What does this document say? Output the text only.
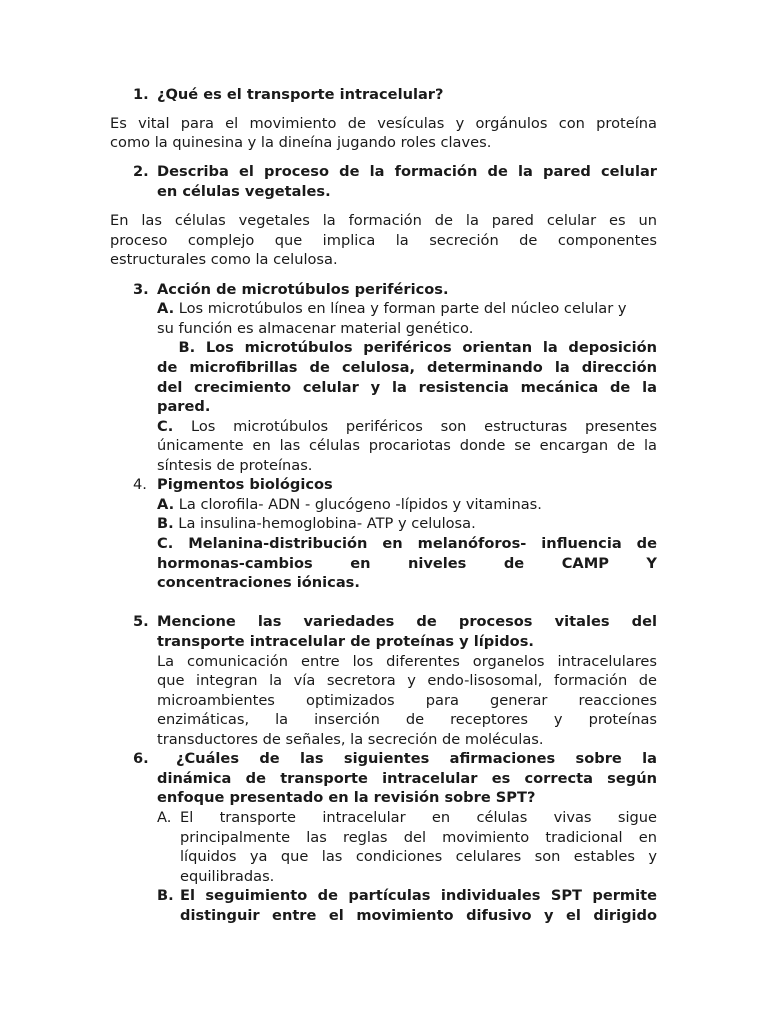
1. ¿Qué es el transporte intracelular?
Es vital para el movimiento de vesículas y orgánulos con proteína
como la quinesina y la dineína jugando roles claves.
2. Describa el proceso de la formación de la pared celular
en células vegetales.
En las células vegetales la formación de la pared celular es un
proceso complejo que implica la secreción de componentes
estructurales como la celulosa.
3. Acción de microtúbulos periféricos.
A. Los microtúbulos en línea y forman parte del núcleo celular y
su función es almacenar material genético.
B. Los microtúbulos periféricos orientan la deposición
de microfibrillas de celulosa, determinando la dirección
del crecimiento celular y la resistencia mecánica de la
pared.
C. Los microtúbulos periféricos son estructuras presentes
únicamente en las células procariotas donde se encargan de la
síntesis de proteínas.
4. Pigmentos biológicos
A. La clorofila- ADN - glucógeno -lípidos y vitaminas.
B. La insulina-hemoglobina- ATP y celulosa.
C. Melanina-distribución en melanóforos- influencia de
hormonas-cambios en niveles de CAMP Y
concentraciones iónicas.
5. Mencione las variedades de procesos vitales del
transporte intracelular de proteínas y lípidos.
La comunicación entre los diferentes organelos intracelulares
que integran la vía secretora y endo-lisosomal, formación de
microambientes optimizados para generar reacciones
enzimáticas, la inserción de receptores y proteínas
transductores de señales, la secreción de moléculas.
6. ¿Cuáles de las siguientes afirmaciones sobre la
dinámica de transporte intracelular es correcta según
enfoque presentado en la revisión sobre SPT?
A. El transporte intracelular en células vivas sigue
principalmente las reglas del movimiento tradicional en
líquidos ya que las condiciones celulares son estables y
equilibradas.
B. El seguimiento de partículas individuales SPT permite
distinguir entre el movimiento difusivo y el dirigido
